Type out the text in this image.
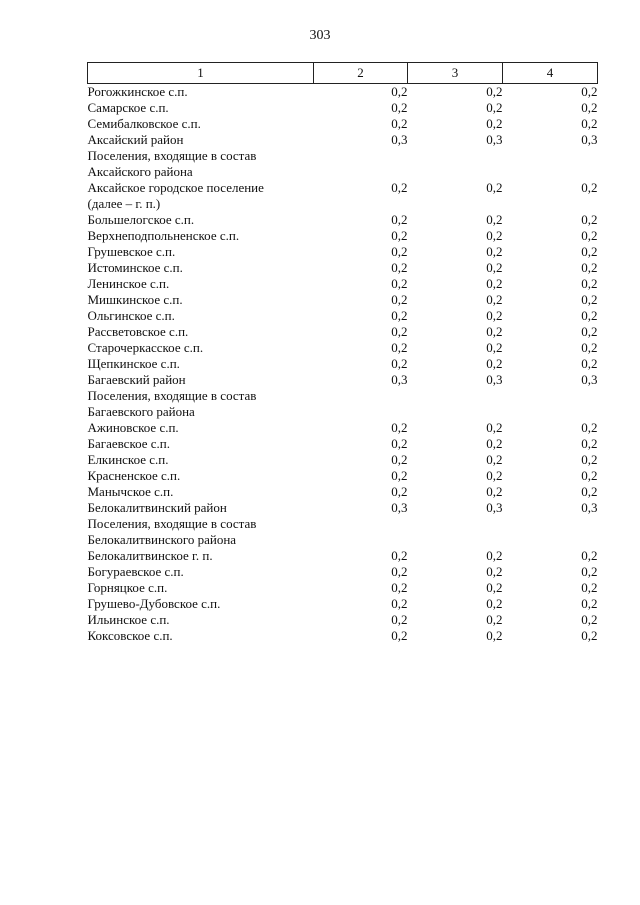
303
1	2	3	4
Рогожкинское с.п.	0,2	0,2	0,2
Самарское с.п.	0,2	0,2	0,2
Семибалковское с.п.	0,2	0,2	0,2
Аксайский район	0,3	0,3	0,3
Поселения, входящие в состав
Аксайского района			
Аксайское городское поселение
(далее – г. п.)	0,2	0,2	0,2
Большелогское с.п.	0,2	0,2	0,2
Верхнеподпольненское с.п.	0,2	0,2	0,2
Грушевское с.п.	0,2	0,2	0,2
Истоминское с.п.	0,2	0,2	0,2
Ленинское с.п.	0,2	0,2	0,2
Мишкинское с.п.	0,2	0,2	0,2
Ольгинское с.п.	0,2	0,2	0,2
Рассветовское с.п.	0,2	0,2	0,2
Старочеркасское с.п.	0,2	0,2	0,2
Щепкинское с.п.	0,2	0,2	0,2
Багаевский район	0,3	0,3	0,3
Поселения, входящие в состав
Багаевского района			
Ажиновское с.п.	0,2	0,2	0,2
Багаевское с.п.	0,2	0,2	0,2
Елкинское с.п.	0,2	0,2	0,2
Красненское с.п.	0,2	0,2	0,2
Манычское с.п.	0,2	0,2	0,2
Белокалитвинский район	0,3	0,3	0,3
Поселения, входящие в состав
Белокалитвинского района			
Белокалитвинское г. п.	0,2	0,2	0,2
Богураевское с.п.	0,2	0,2	0,2
Горняцкое с.п.	0,2	0,2	0,2
Грушево-Дубовское с.п.	0,2	0,2	0,2
Ильинское с.п.	0,2	0,2	0,2
Коксовское с.п.	0,2	0,2	0,2
